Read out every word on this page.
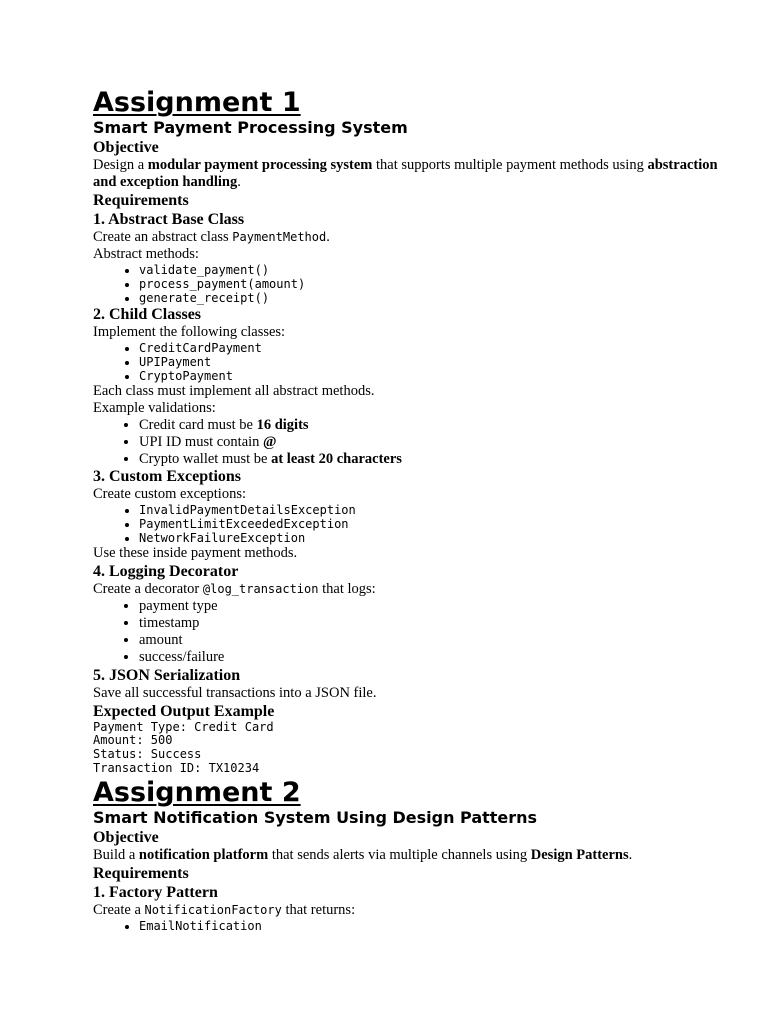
Assignment 1
Smart Payment Processing System
Objective
Design a modular payment processing system that supports multiple payment methods using abstraction and exception handling.
Requirements
1. Abstract Base Class
Create an abstract class PaymentMethod.
Abstract methods:
• validate_payment()
• process_payment(amount)
• generate_receipt()
2. Child Classes
Implement the following classes:
• CreditCardPayment
• UPIPayment
• CryptoPayment
Each class must implement all abstract methods.
Example validations:
• Credit card must be 16 digits
• UPI ID must contain @
• Crypto wallet must be at least 20 characters
3. Custom Exceptions
Create custom exceptions:
• InvalidPaymentDetailsException
• PaymentLimitExceededException
• NetworkFailureException
Use these inside payment methods.
4. Logging Decorator
Create a decorator @log_transaction that logs:
• payment type
• timestamp
• amount
• success/failure
5. JSON Serialization
Save all successful transactions into a JSON file.
Expected Output Example
Payment Type: Credit Card
Amount: 500
Status: Success
Transaction ID: TX10234
Assignment 2
Smart Notification System Using Design Patterns
Objective
Build a notification platform that sends alerts via multiple channels using Design Patterns.
Requirements
1. Factory Pattern
Create a NotificationFactory that returns:
• EmailNotification
